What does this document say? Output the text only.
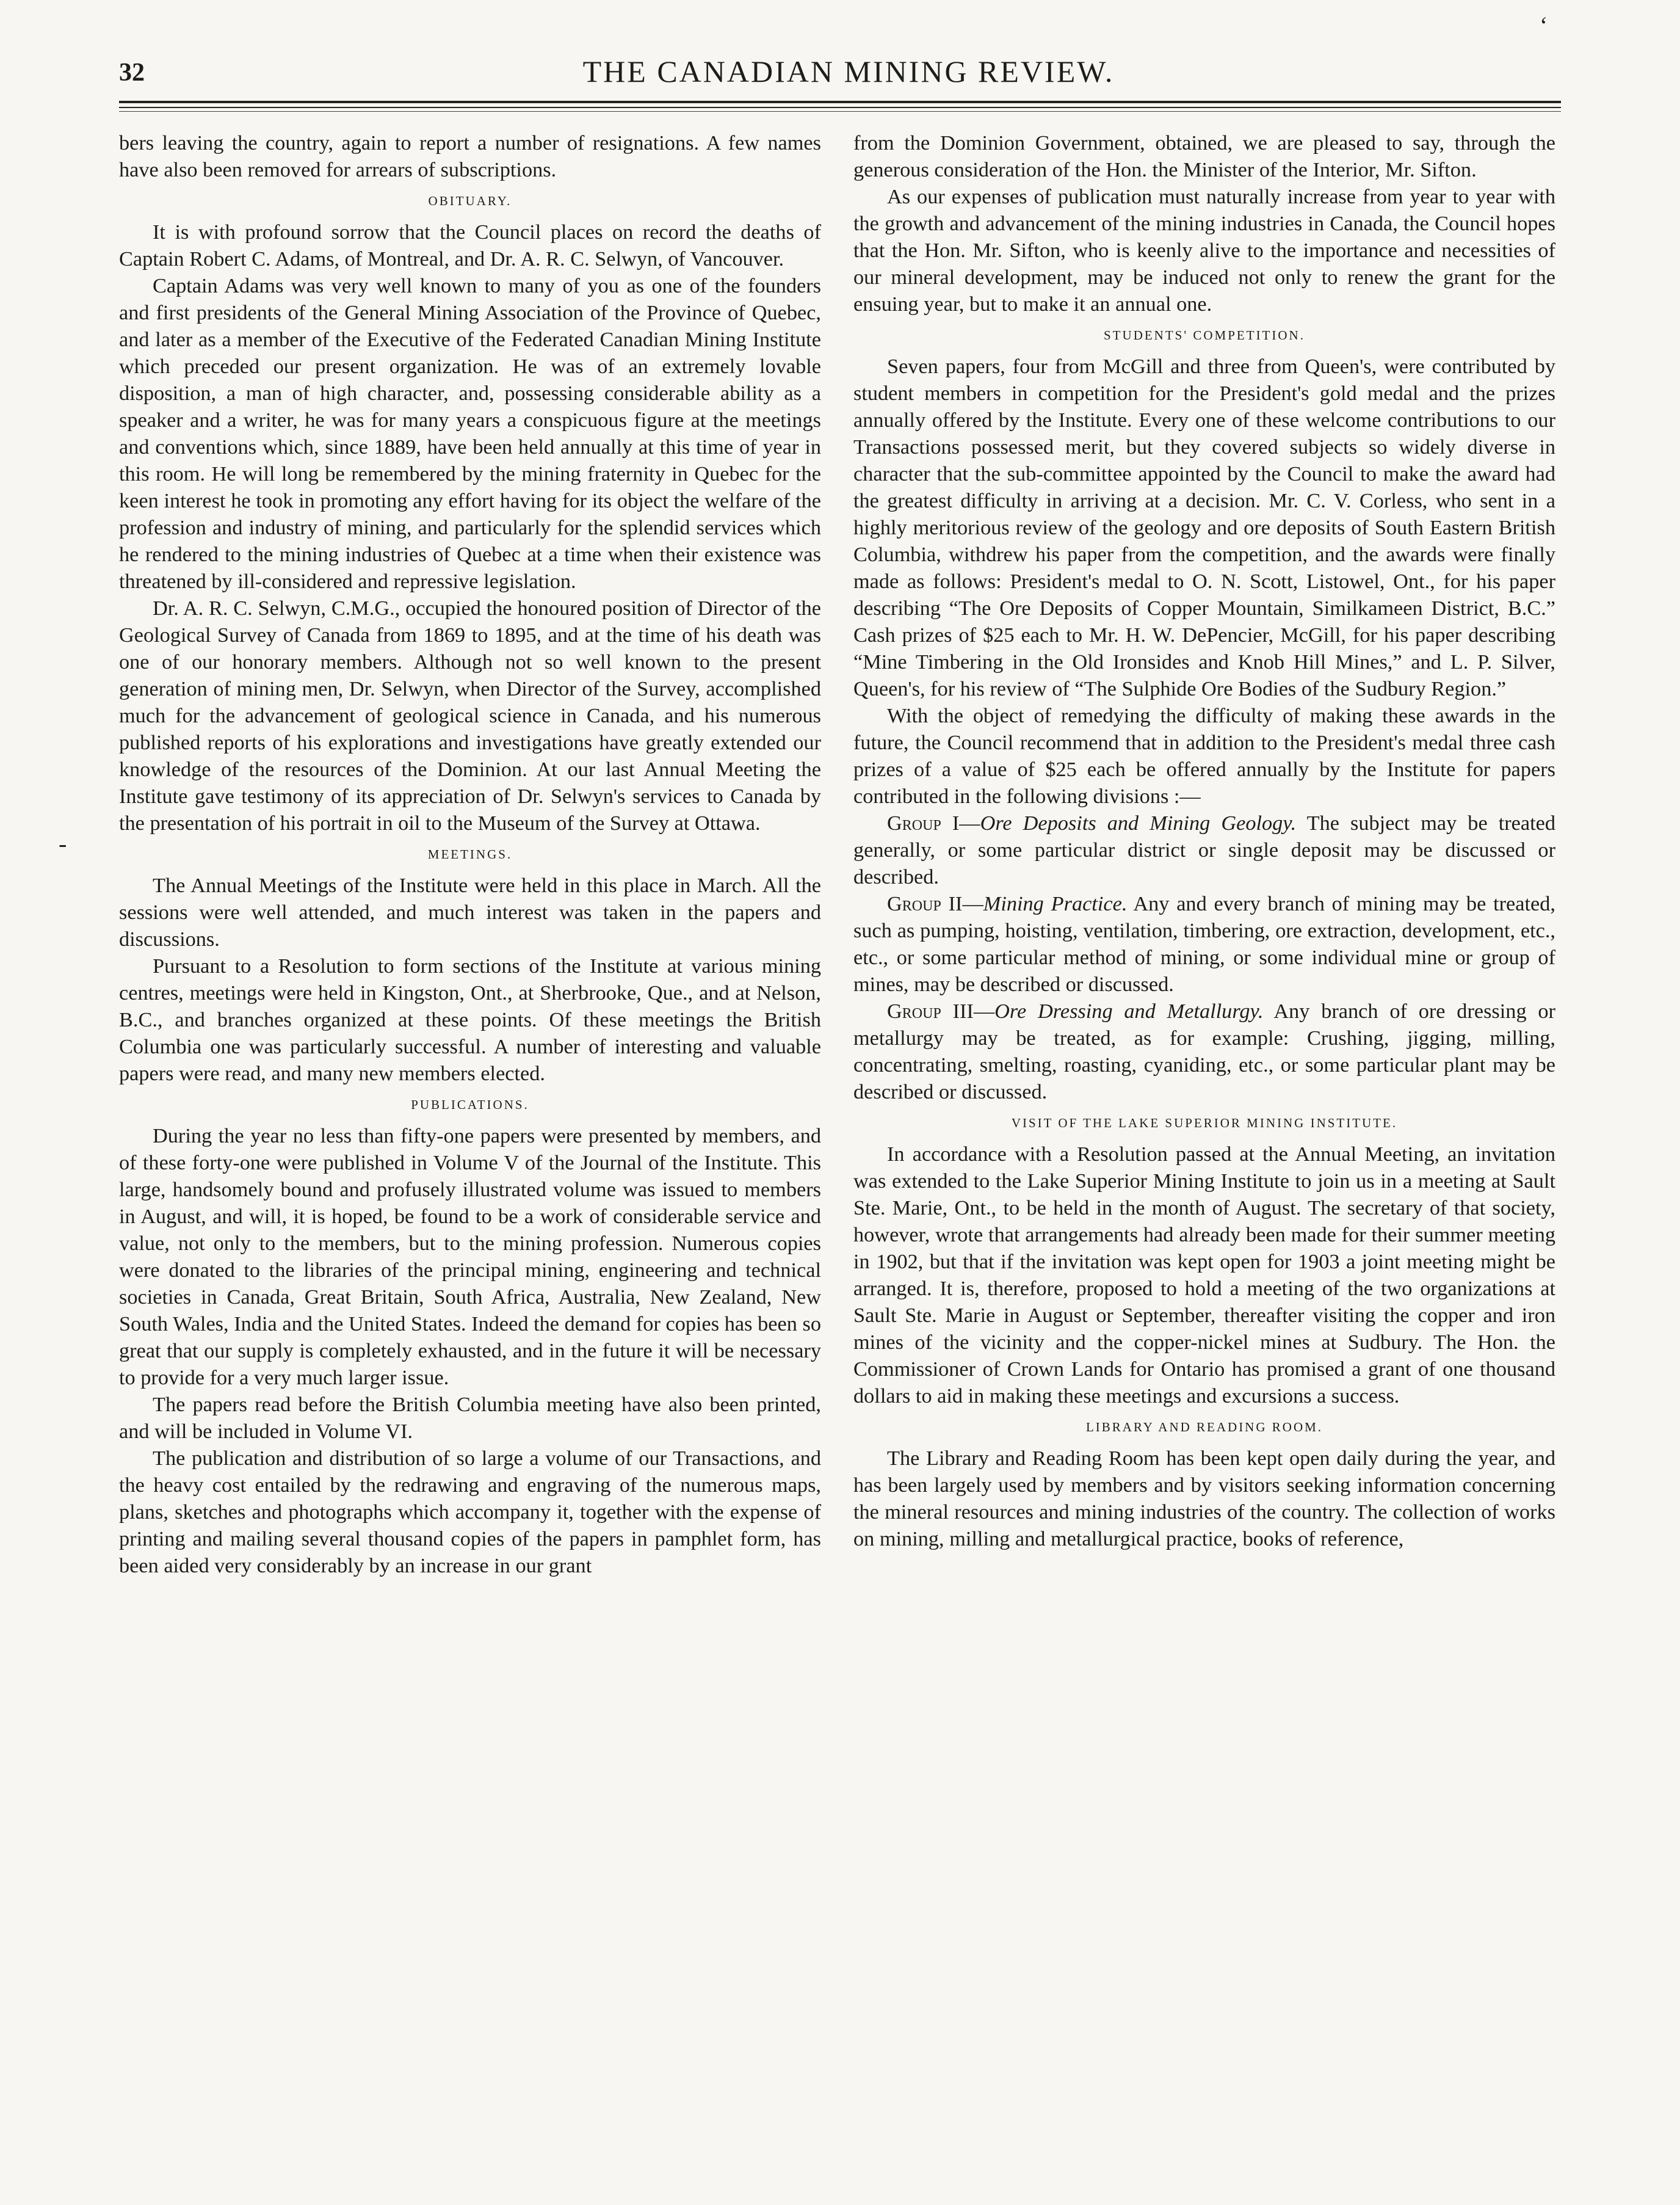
32	THE CANADIAN MINING REVIEW.
‘
-

bers leaving the country, again to report a number of resignations. A few names have also been removed for arrears of subscriptions.

OBITUARY.

It is with profound sorrow that the Council places on record the deaths of Captain Robert C. Adams, of Montreal, and Dr. A. R. C. Selwyn, of Vancouver.

Captain Adams was very well known to many of you as one of the founders and first presidents of the General Mining Association of the Province of Quebec, and later as a member of the Executive of the Federated Canadian Mining Institute which preceded our present organization. He was of an extremely lovable disposition, a man of high character, and, possessing considerable ability as a speaker and a writer, he was for many years a conspicuous figure at the meetings and conventions which, since 1889, have been held annually at this time of year in this room. He will long be remembered by the mining fraternity in Quebec for the keen interest he took in promoting any effort having for its object the welfare of the profession and industry of mining, and particularly for the splendid services which he rendered to the mining industries of Quebec at a time when their existence was threatened by ill-considered and repressive legislation.

Dr. A. R. C. Selwyn, C.M.G., occupied the honoured position of Director of the Geological Survey of Canada from 1869 to 1895, and at the time of his death was one of our honorary members. Although not so well known to the present generation of mining men, Dr. Selwyn, when Director of the Survey, accomplished much for the advancement of geological science in Canada, and his numerous published reports of his explorations and investigations have greatly extended our knowledge of the resources of the Dominion. At our last Annual Meeting the Institute gave testimony of its appreciation of Dr. Selwyn's services to Canada by the presentation of his portrait in oil to the Museum of the Survey at Ottawa.

MEETINGS.

The Annual Meetings of the Institute were held in this place in March. All the sessions were well attended, and much interest was taken in the papers and discussions.

Pursuant to a Resolution to form sections of the Institute at various mining centres, meetings were held in Kingston, Ont., at Sherbrooke, Que., and at Nelson, B.C., and branches organized at these points. Of these meetings the British Columbia one was particularly successful. A number of interesting and valuable papers were read, and many new members elected.

PUBLICATIONS.

During the year no less than fifty-one papers were presented by members, and of these forty-one were published in Volume V of the Journal of the Institute. This large, handsomely bound and profusely illustrated volume was issued to members in August, and will, it is hoped, be found to be a work of considerable service and value, not only to the members, but to the mining profession. Numerous copies were donated to the libraries of the principal mining, engineering and technical societies in Canada, Great Britain, South Africa, Australia, New Zealand, New South Wales, India and the United States. Indeed the demand for copies has been so great that our supply is completely exhausted, and in the future it will be necessary to provide for a very much larger issue.

The papers read before the British Columbia meeting have also been printed, and will be included in Volume VI.

The publication and distribution of so large a volume of our Transactions, and the heavy cost entailed by the redrawing and engraving of the numerous maps, plans, sketches and photographs which accompany it, together with the expense of printing and mailing several thousand copies of the papers in pamphlet form, has been aided very considerably by an increase in our grant

from the Dominion Government, obtained, we are pleased to say, through the generous consideration of the Hon. the Minister of the Interior, Mr. Sifton.

As our expenses of publication must naturally increase from year to year with the growth and advancement of the mining industries in Canada, the Council hopes that the Hon. Mr. Sifton, who is keenly alive to the importance and necessities of our mineral development, may be induced not only to renew the grant for the ensuing year, but to make it an annual one.

STUDENTS' COMPETITION.

Seven papers, four from McGill and three from Queen's, were contributed by student members in competition for the President's gold medal and the prizes annually offered by the Institute. Every one of these welcome contributions to our Transactions possessed merit, but they covered subjects so widely diverse in character that the sub-committee appointed by the Council to make the award had the greatest difficulty in arriving at a decision. Mr. C. V. Corless, who sent in a highly meritorious review of the geology and ore deposits of South Eastern British Columbia, withdrew his paper from the competition, and the awards were finally made as follows: President's medal to O. N. Scott, Listowel, Ont., for his paper describing “The Ore Deposits of Copper Mountain, Similkameen District, B.C.” Cash prizes of $25 each to Mr. H. W. DePencier, McGill, for his paper describing “Mine Timbering in the Old Ironsides and Knob Hill Mines,” and L. P. Silver, Queen's, for his review of “The Sulphide Ore Bodies of the Sudbury Region.”

With the object of remedying the difficulty of making these awards in the future, the Council recommend that in addition to the President's medal three cash prizes of a value of $25 each be offered annually by the Institute for papers contributed in the following divisions :—

Group I—Ore Deposits and Mining Geology. The subject may be treated generally, or some particular district or single deposit may be discussed or described.

Group II—Mining Practice. Any and every branch of mining may be treated, such as pumping, hoisting, ventilation, timbering, ore extraction, development, etc., etc., or some particular method of mining, or some individual mine or group of mines, may be described or discussed.

Group III—Ore Dressing and Metallurgy. Any branch of ore dressing or metallurgy may be treated, as for example: Crushing, jigging, milling, concentrating, smelting, roasting, cyaniding, etc., or some particular plant may be described or discussed.

VISIT OF THE LAKE SUPERIOR MINING INSTITUTE.

In accordance with a Resolution passed at the Annual Meeting, an invitation was extended to the Lake Superior Mining Institute to join us in a meeting at Sault Ste. Marie, Ont., to be held in the month of August. The secretary of that society, however, wrote that arrangements had already been made for their summer meeting in 1902, but that if the invitation was kept open for 1903 a joint meeting might be arranged. It is, therefore, proposed to hold a meeting of the two organizations at Sault Ste. Marie in August or September, thereafter visiting the copper and iron mines of the vicinity and the copper-nickel mines at Sudbury. The Hon. the Commissioner of Crown Lands for Ontario has promised a grant of one thousand dollars to aid in making these meetings and excursions a success.

LIBRARY AND READING ROOM.

The Library and Reading Room has been kept open daily during the year, and has been largely used by members and by visitors seeking information concerning the mineral resources and mining industries of the country. The collection of works on mining, milling and metallurgical practice, books of reference,
